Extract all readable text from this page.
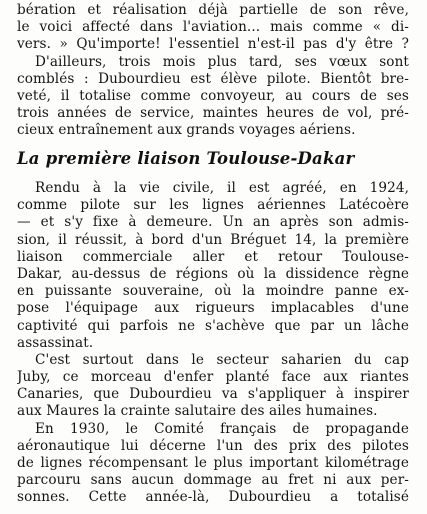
bération et réalisation déjà partielle de son rêve,
le voici affecté dans l'aviation... mais comme « di-
vers. » Qu'importe! l'essentiel n'est-il pas d'y être ?
D'ailleurs, trois mois plus tard, ses vœux sont
comblés : Dubourdieu est élève pilote. Bientôt bre-
veté, il totalise comme convoyeur, au cours de ses
trois années de service, maintes heures de vol, pré-
cieux entraînement aux grands voyages aériens.
La première liaison Toulouse-Dakar
Rendu à la vie civile, il est agréé, en 1924,
comme pilote sur les lignes aériennes Latécoère
— et s'y fixe à demeure. Un an après son admis-
sion, il réussit, à bord d'un Bréguet 14, la première
liaison commerciale aller et retour Toulouse-
Dakar, au-dessus de régions où la dissidence règne
en puissante souveraine, où la moindre panne ex-
pose l'équipage aux rigueurs implacables d'une
captivité qui parfois ne s'achève que par un lâche
assassinat.
C'est surtout dans le secteur saharien du cap
Juby, ce morceau d'enfer planté face aux riantes
Canaries, que Dubourdieu va s'appliquer à inspirer
aux Maures la crainte salutaire des ailes humaines.
En 1930, le Comité français de propagande
aéronautique lui décerne l'un des prix des pilotes
de lignes récompensant le plus important kilométrage
parcouru sans aucun dommage au fret ni aux per-
sonnes. Cette année-là, Dubourdieu a totalisé
